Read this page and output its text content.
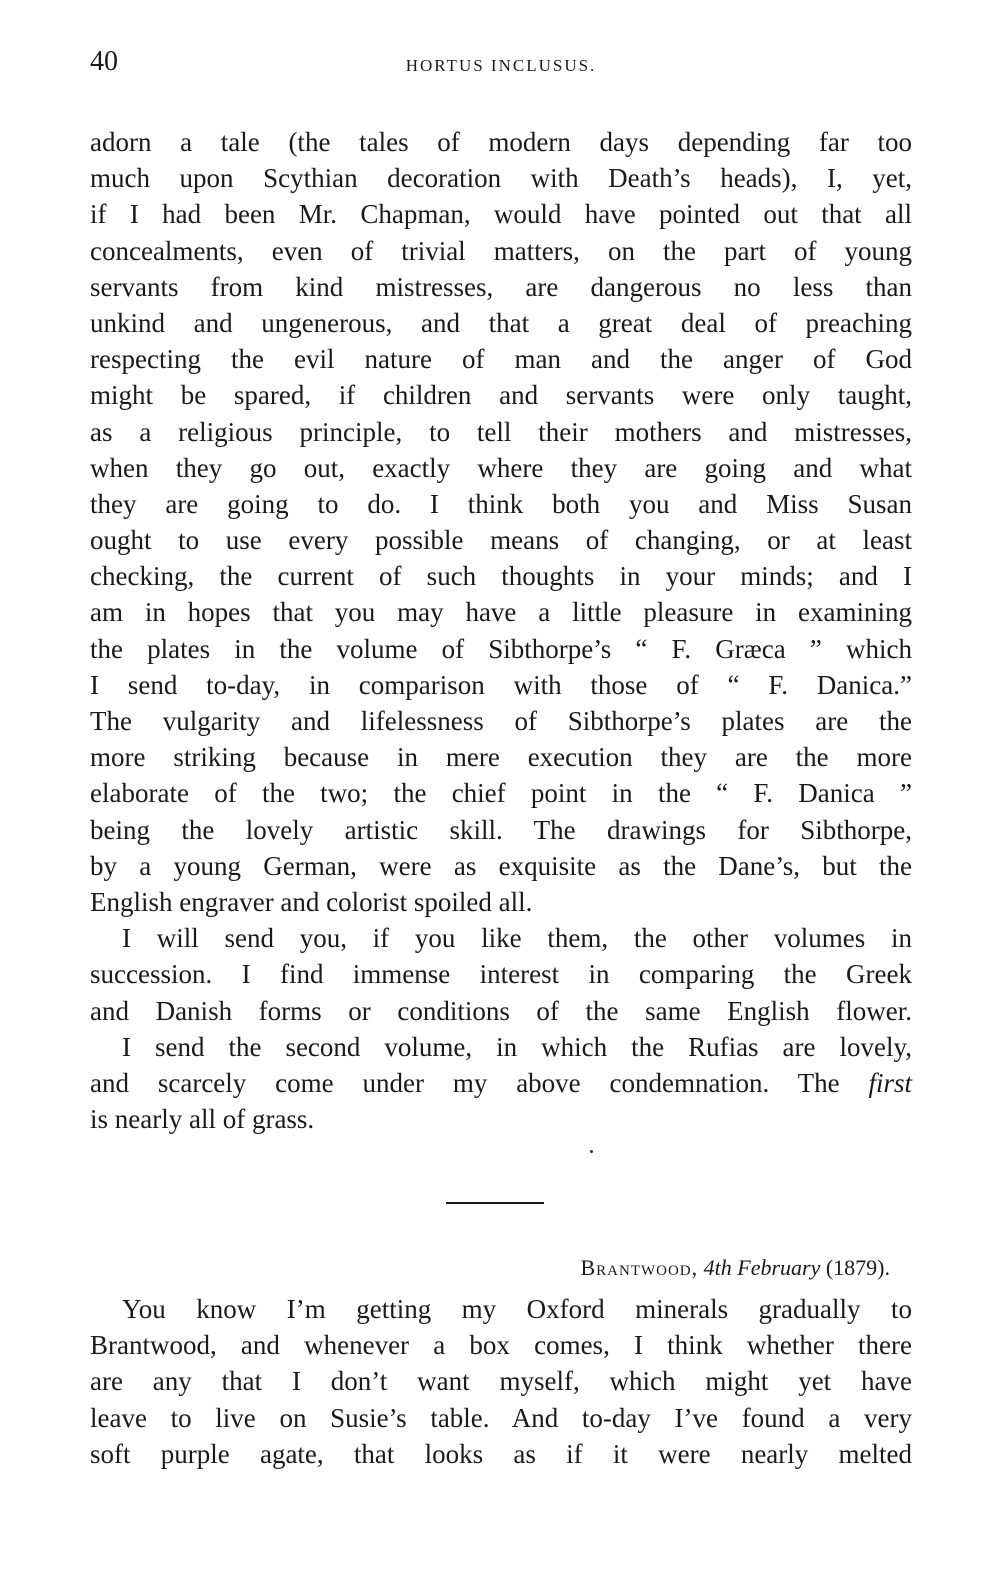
40	HORTUS INCLUSUS.
adorn a tale (the tales of modern days depending far too
much upon Scythian decoration with Death’s heads), I, yet,
if I had been Mr. Chapman, would have pointed out that all
concealments, even of trivial matters, on the part of young
servants from kind mistresses, are dangerous no less than
unkind and ungenerous, and that a great deal of preaching
respecting the evil nature of man and the anger of God
might be spared, if children and servants were only taught,
as a religious principle, to tell their mothers and mistresses,
when they go out, exactly where they are going and what
they are going to do. I think both you and Miss Susan
ought to use every possible means of changing, or at least
checking, the current of such thoughts in your minds; and I
am in hopes that you may have a little pleasure in examining
the plates in the volume of Sibthorpe’s “ F. Græca ” which
I send to-day, in comparison with those of “ F. Danica.”
The vulgarity and lifelessness of Sibthorpe’s plates are the
more striking because in mere execution they are the more
elaborate of the two; the chief point in the “ F. Danica ”
being the lovely artistic skill. The drawings for Sibthorpe,
by a young German, were as exquisite as the Dane’s, but the
English engraver and colorist spoiled all.
I will send you, if you like them, the other volumes in
succession. I find immense interest in comparing the Greek
and Danish forms or conditions of the same English flower.
I send the second volume, in which the Rufias are lovely,
and scarcely come under my above condemnation. The first
is nearly all of grass.
Brantwood, 4th February (1879).
You know I’m getting my Oxford minerals gradually to
Brantwood, and whenever a box comes, I think whether there
are any that I don’t want myself, which might yet have
leave to live on Susie’s table. And to-day I’ve found a very
soft purple agate, that looks as if it were nearly melted
